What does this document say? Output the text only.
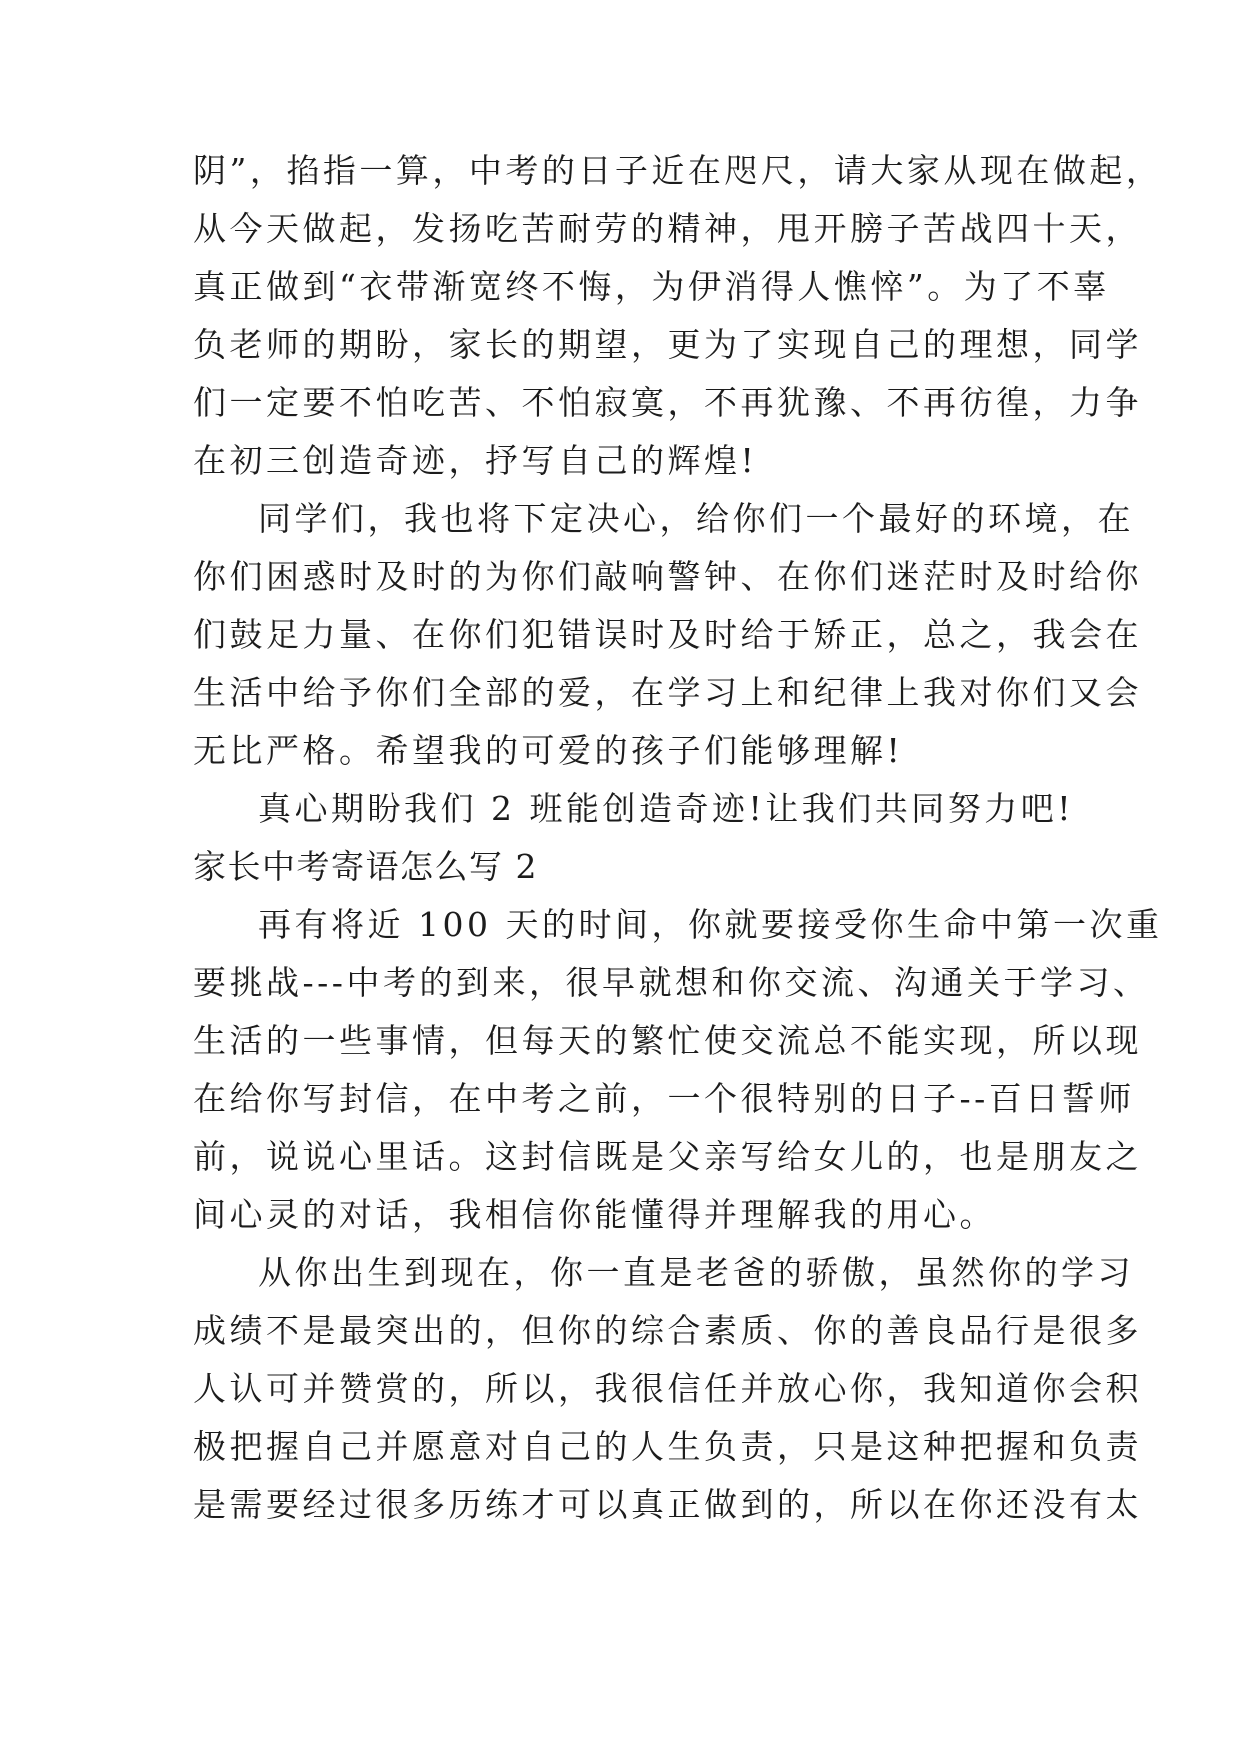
阴”，掐指一算，中考的日子近在咫尺，请大家从现在做起，

从今天做起，发扬吃苦耐劳的精神，甩开膀子苦战四十天，

真正做到“衣带渐宽终不悔，为伊消得人憔悴”。为了不辜

负老师的期盼，家长的期望，更为了实现自己的理想，同学

们一定要不怕吃苦、不怕寂寞，不再犹豫、不再彷徨，力争

在初三创造奇迹，抒写自己的辉煌!

同学们，我也将下定决心，给你们一个最好的环境，在

你们困惑时及时的为你们敲响警钟、在你们迷茫时及时给你

们鼓足力量、在你们犯错误时及时给于矫正，总之，我会在

生活中给予你们全部的爱，在学习上和纪律上我对你们又会

无比严格。希望我的可爱的孩子们能够理解!

真心期盼我们 2 班能创造奇迹!让我们共同努力吧!

家长中考寄语怎么写 2

再有将近 100 天的时间，你就要接受你生命中第一次重

要挑战---中考的到来，很早就想和你交流、沟通关于学习、

生活的一些事情，但每天的繁忙使交流总不能实现，所以现

在给你写封信，在中考之前，一个很特别的日子--百日誓师

前，说说心里话。这封信既是父亲写给女儿的，也是朋友之

间心灵的对话，我相信你能懂得并理解我的用心。

从你出生到现在，你一直是老爸的骄傲，虽然你的学习

成绩不是最突出的，但你的综合素质、你的善良品行是很多

人认可并赞赏的，所以，我很信任并放心你，我知道你会积

极把握自己并愿意对自己的人生负责，只是这种把握和负责

是需要经过很多历练才可以真正做到的，所以在你还没有太
